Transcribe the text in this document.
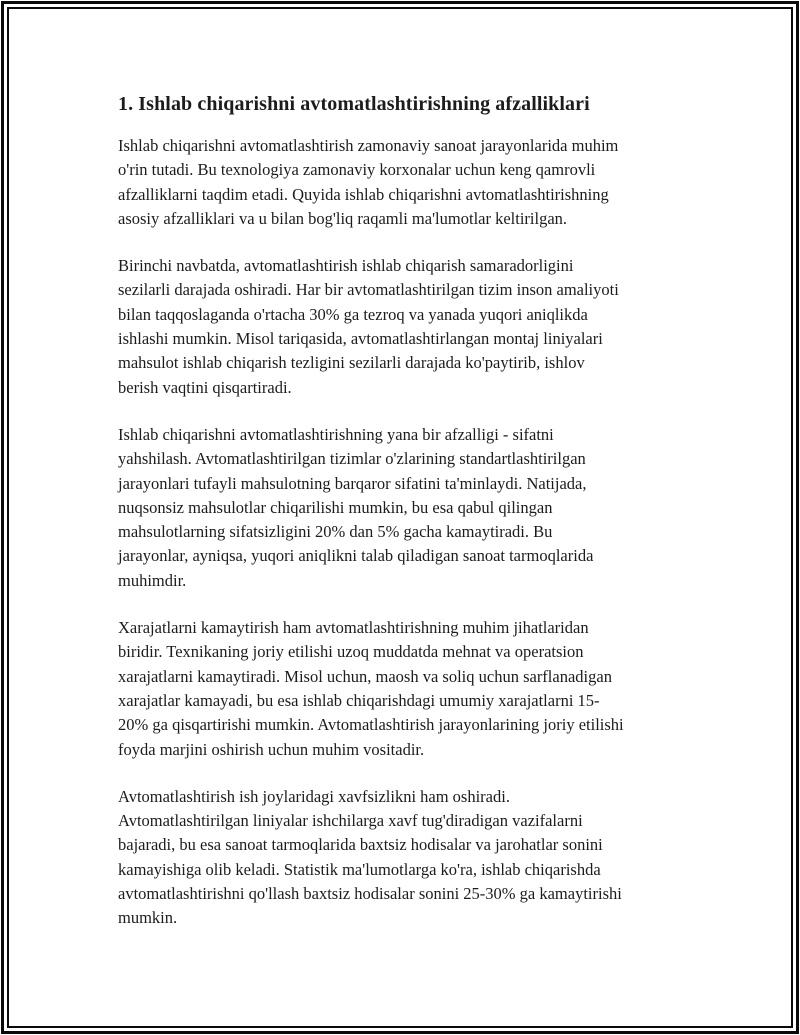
1. Ishlab chiqarishni avtomatlashtirishning afzalliklari

Ishlab chiqarishni avtomatlashtirish zamonaviy sanoat jarayonlarida muhim
o'rin tutadi. Bu texnologiya zamonaviy korxonalar uchun keng qamrovli
afzalliklarni taqdim etadi. Quyida ishlab chiqarishni avtomatlashtirishning
asosiy afzalliklari va u bilan bog'liq raqamli ma'lumotlar keltirilgan.

Birinchi navbatda, avtomatlashtirish ishlab chiqarish samaradorligini
sezilarli darajada oshiradi. Har bir avtomatlashtirilgan tizim inson amaliyoti
bilan taqqoslaganda o'rtacha 30% ga tezroq va yanada yuqori aniqlikda
ishlashi mumkin. Misol tariqasida, avtomatlashtirlangan montaj liniyalari
mahsulot ishlab chiqarish tezligini sezilarli darajada ko'paytirib, ishlov
berish vaqtini qisqartiradi.

Ishlab chiqarishni avtomatlashtirishning yana bir afzalligi - sifatni
yahshilash. Avtomatlashtirilgan tizimlar o'zlarining standartlashtirilgan
jarayonlari tufayli mahsulotning barqaror sifatini ta'minlaydi. Natijada,
nuqsonsiz mahsulotlar chiqarilishi mumkin, bu esa qabul qilingan
mahsulotlarning sifatsizligini 20% dan 5% gacha kamaytiradi. Bu
jarayonlar, ayniqsa, yuqori aniqlikni talab qiladigan sanoat tarmoqlarida
muhimdir.

Xarajatlarni kamaytirish ham avtomatlashtirishning muhim jihatlaridan
biridir. Texnikaning joriy etilishi uzoq muddatda mehnat va operatsion
xarajatlarni kamaytiradi. Misol uchun, maosh va soliq uchun sarflanadigan
xarajatlar kamayadi, bu esa ishlab chiqarishdagi umumiy xarajatlarni 15-
20% ga qisqartirishi mumkin. Avtomatlashtirish jarayonlarining joriy etilishi
foyda marjini oshirish uchun muhim vositadir.

Avtomatlashtirish ish joylaridagi xavfsizlikni ham oshiradi.
Avtomatlashtirilgan liniyalar ishchilarga xavf tug'diradigan vazifalarni
bajaradi, bu esa sanoat tarmoqlarida baxtsiz hodisalar va jarohatlar sonini
kamayishiga olib keladi. Statistik ma'lumotlarga ko'ra, ishlab chiqarishda
avtomatlashtirishni qo'llash baxtsiz hodisalar sonini 25-30% ga kamaytirishi
mumkin.
